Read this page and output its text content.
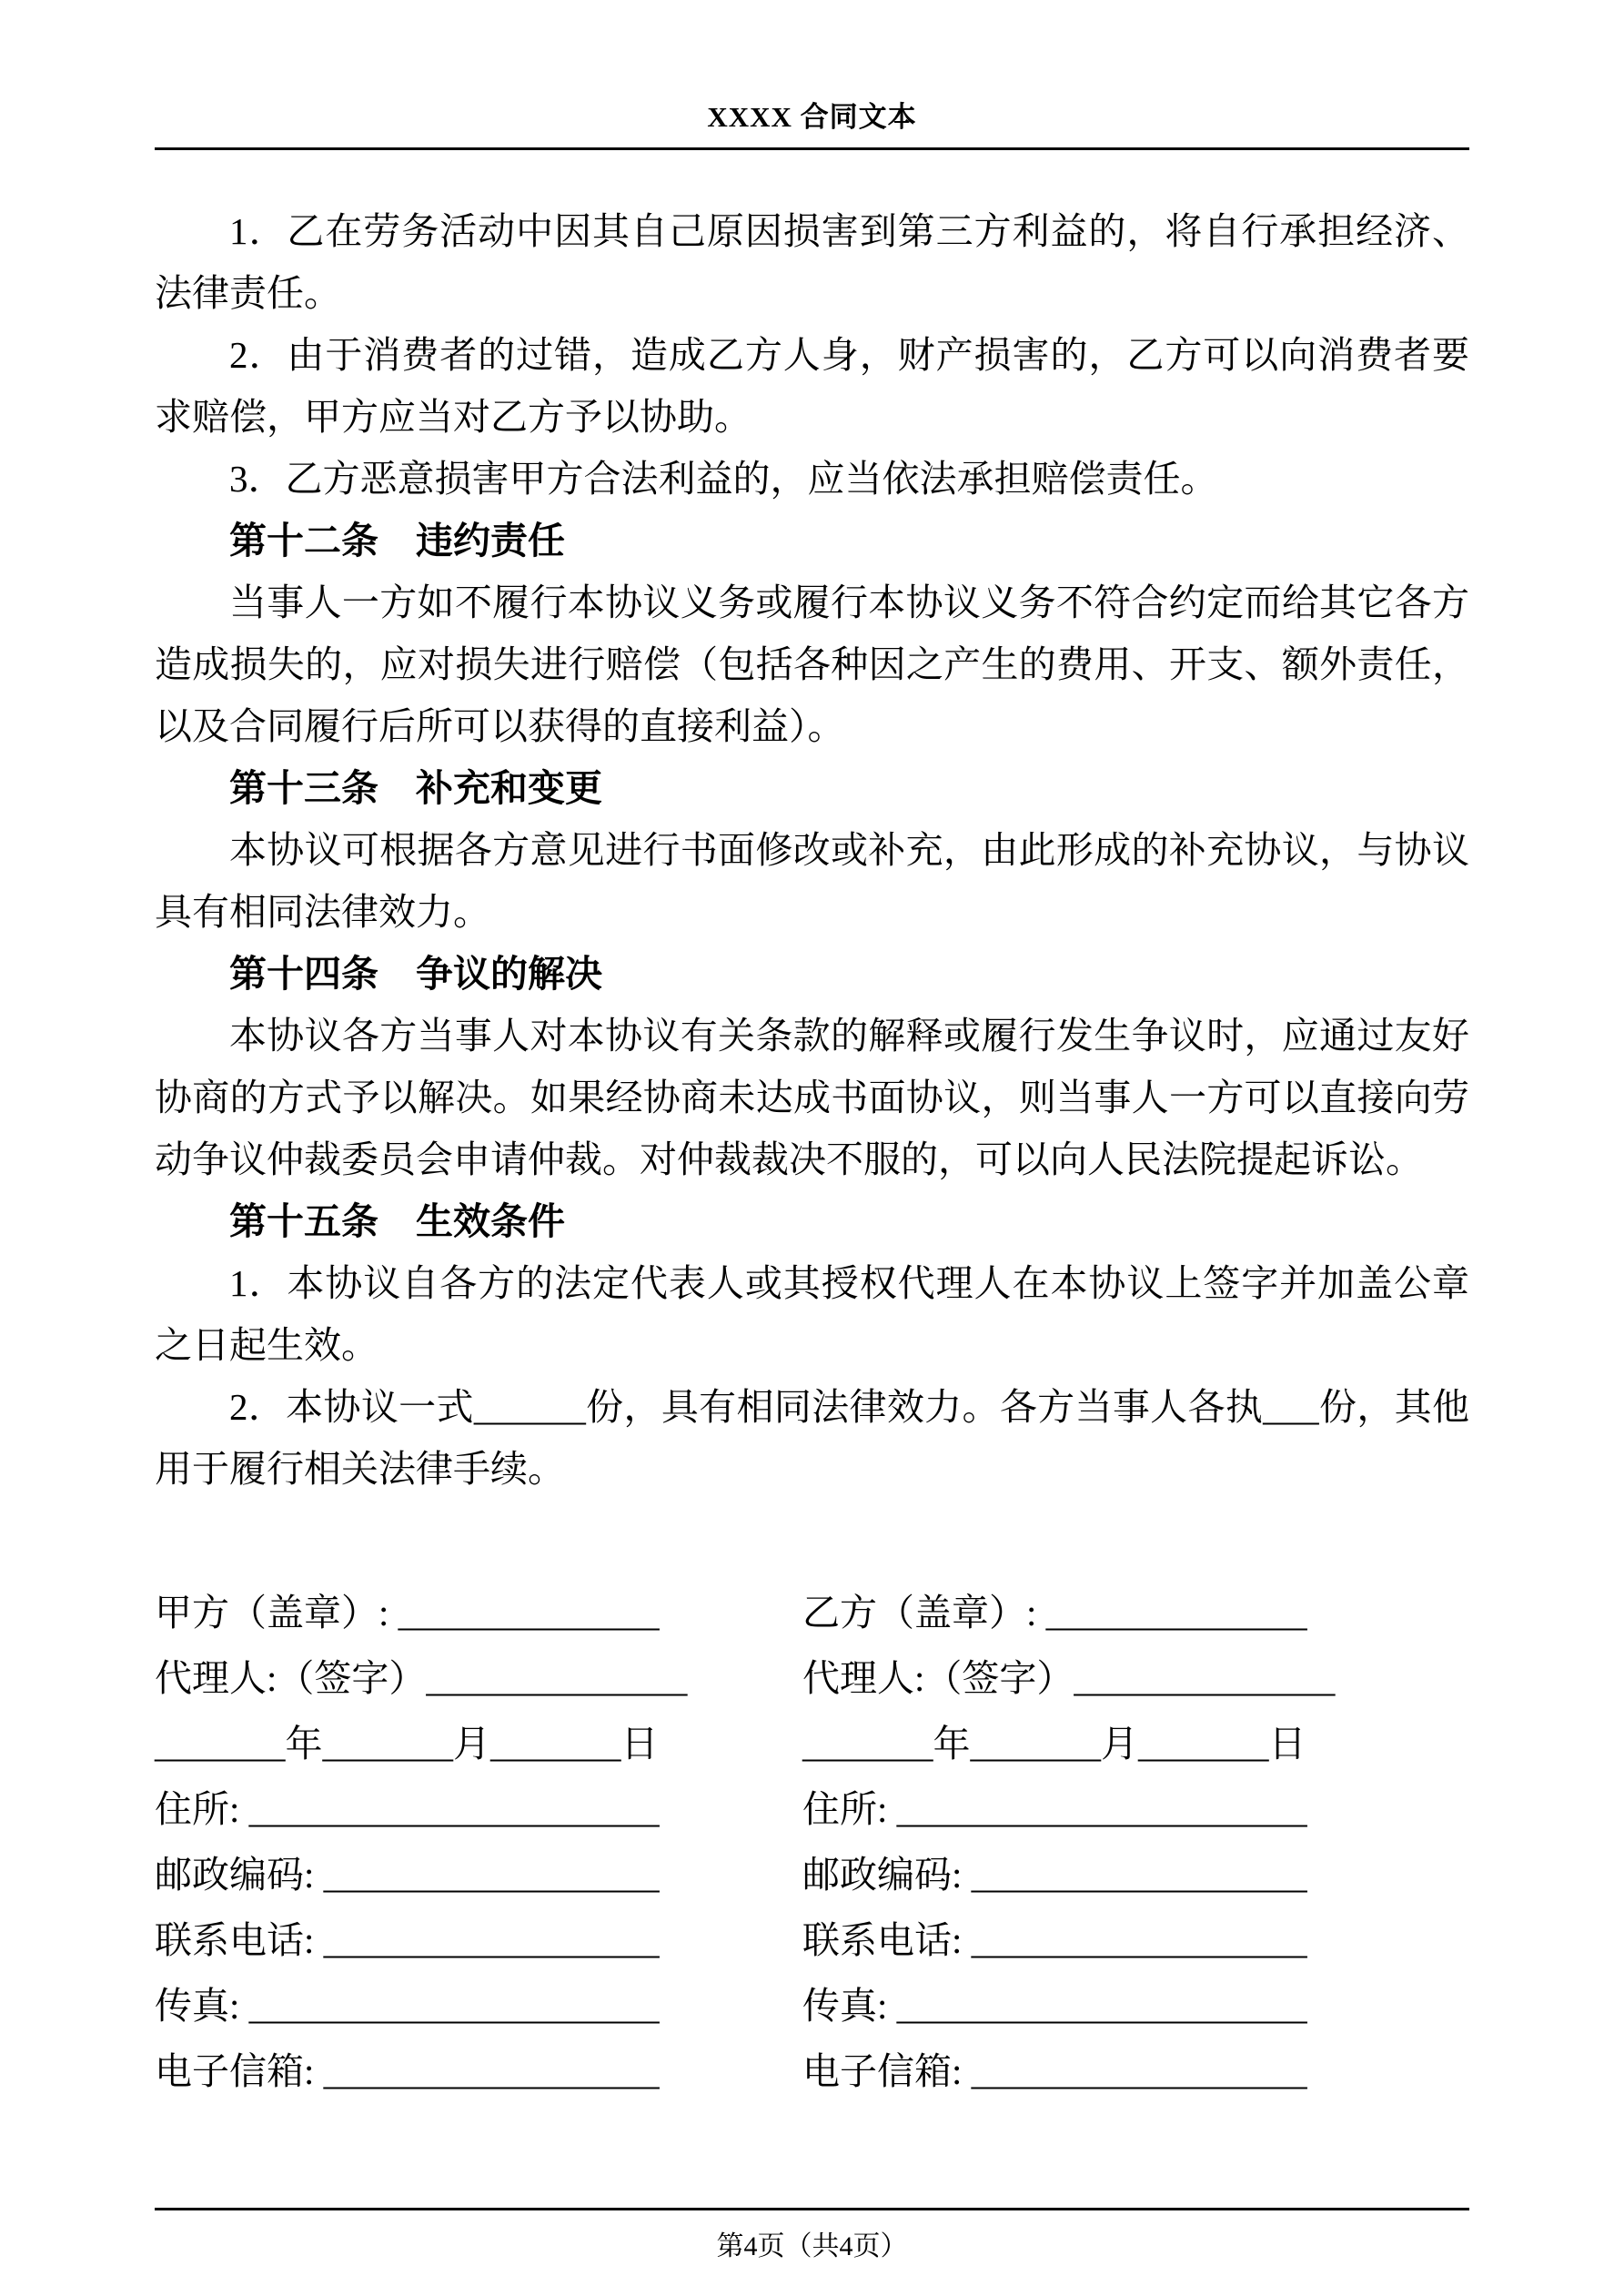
XXXX 合同文本

1．乙在劳务活动中因其自己原因损害到第三方利益的，将自行承担经济、法律责任。

2．由于消费者的过错，造成乙方人身，财产损害的，乙方可以向消费者要求赔偿，甲方应当对乙方予以协助。

3．乙方恶意损害甲方合法利益的，应当依法承担赔偿责任。

第十二条　违约责任

当事人一方如不履行本协议义务或履行本协议义务不符合约定而给其它各方造成损失的，应对损失进行赔偿（包括各种因之产生的费用、开支、额外责任，以及合同履行后所可以获得的直接利益）。

第十三条　补充和变更

本协议可根据各方意见进行书面修改或补充，由此形成的补充协议，与协议具有相同法律效力。

第十四条　争议的解决

本协议各方当事人对本协议有关条款的解释或履行发生争议时，应通过友好协商的方式予以解决。如果经协商未达成书面协议，则当事人一方可以直接向劳动争议仲裁委员会申请仲裁。对仲裁裁决不服的，可以向人民法院提起诉讼。

第十五条　生效条件

1．本协议自各方的法定代表人或其授权代理人在本协议上签字并加盖公章之日起生效。

2．本协议一式______份，具有相同法律效力。各方当事人各执___份，其他用于履行相关法律手续。

甲方（盖章）: ______________
代理人:（签字）______________
_______年_______月_______日
住所: ______________________
邮政编码: __________________
联系电话: __________________
传真: ______________________
电子信箱: __________________
乙方（盖章）: ______________
代理人:（签字）______________
_______年_______月_______日
住所: ______________________
邮政编码: __________________
联系电话: __________________
传真: ______________________
电子信箱: __________________
第4页（共4页）
